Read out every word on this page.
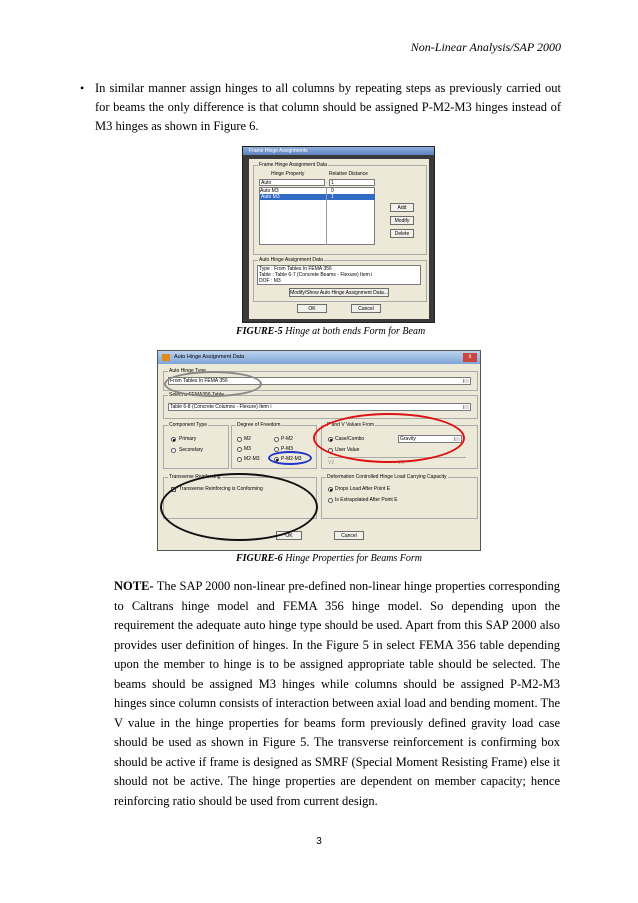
Non-Linear Analysis/SAP 2000
• In similar manner assign hinges to all columns by repeating steps as previously carried out for beams the only difference is that column should be assigned P-M2-M3 hinges instead of M3 hinges as shown in Figure 6.
Frame Hinge Assignments
Frame Hinge Assignment Data
Hinge Property	Relative Distance
Auto	1
Auto M3	0
Auto M3	1
Add
Modify
Delete
Auto Hinge Assignment Data
Type : From Tables In FEMA 356
Table : Table 6-7 (Concrete Beams - Flexure) Item i
DOF : M3
Modify/Show Auto Hinge Assignment Data...
OK	Cancel
FIGURE-5 Hinge at both ends Form for Beam
Auto Hinge Assignment Data	x
Auto Hinge Type
From Tables In FEMA 356
Select a FEMA356 Table
Table 6-8 (Concrete Columns - Flexure) Item i
Component Type
Primary
Secondary
Degree of Freedom
M2
M3
M2-M3
P-M2
P-M3
P-M2-M3
P and V Values From
Case/Combo	Gravity
User Value
V2	V3
Transverse Reinforcing
✓ Transverse Reinforcing is Conforming
Deformation Controlled Hinge Load Carrying Capacity
Drops Load After Point E
Is Extrapolated After Point E
OK	Cancel
FIGURE-6 Hinge Properties for Beams Form
NOTE- The SAP 2000 non-linear pre-defined non-linear hinge properties corresponding to Caltrans hinge model and FEMA 356 hinge model. So depending upon the requirement the adequate auto hinge type should be used. Apart from this SAP 2000 also provides user definition of hinges. In the Figure 5 in select FEMA 356 table depending upon the member to hinge is to be assigned appropriate table should be selected. The beams should be assigned M3 hinges while columns should be assigned P-M2-M3 hinges since column consists of interaction between axial load and bending moment. The V value in the hinge properties for beams form previously defined gravity load case should be used as shown in Figure 5. The transverse reinforcement is confirming box should be active if frame is designed as SMRF (Special Moment Resisting Frame) else it should not be active. The hinge properties are dependent on member capacity; hence reinforcing ratio should be used from current design.
3
